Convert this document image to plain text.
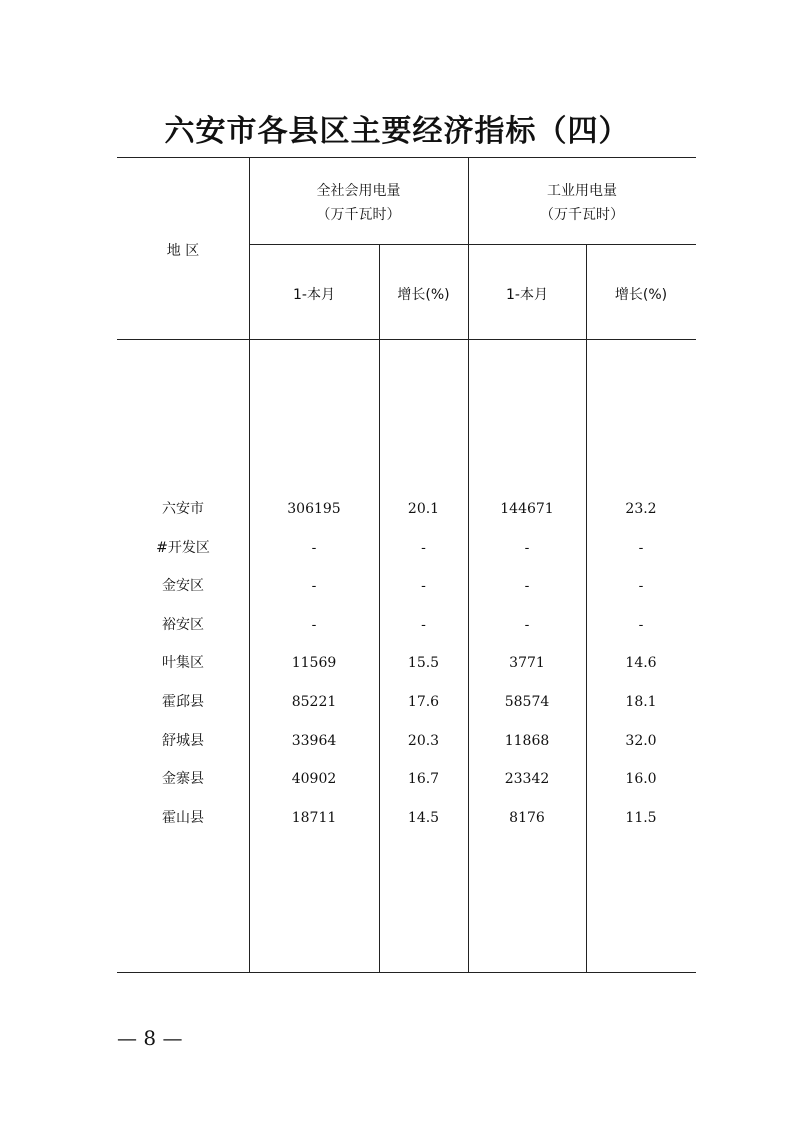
六安市各县区主要经济指标（四）
地 区
全社会用电量
（万千瓦时）
工业用电量
（万千瓦时）
1-本月	增长(%)	1-本月	增长(%)
六安市	306195	20.1	144671	23.2
#开发区	-	-	-	-
金安区	-	-	-	-
裕安区	-	-	-	-
叶集区	11569	15.5	3771	14.6
霍邱县	85221	17.6	58574	18.1
舒城县	33964	20.3	11868	32.0
金寨县	40902	16.7	23342	16.0
霍山县	18711	14.5	8176	11.5
— 8 —
